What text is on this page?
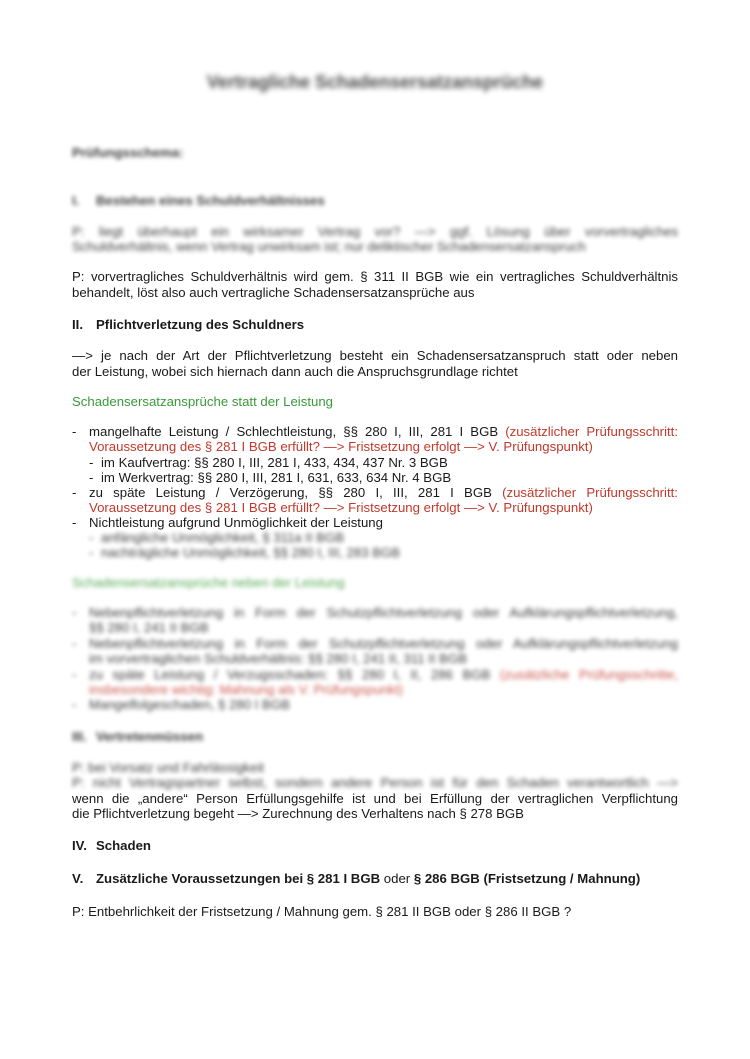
Vertragliche Schadensersatzansprüche
Prüfungsschema:
I. Bestehen eines Schuldverhältnisses
P: liegt überhaupt ein wirksamer Vertrag vor? —> ggf. Lösung über vorvertragliches
Schuldverhältnis, wenn Vertrag unwirksam ist; nur deliktischer Schadensersatzanspruch
P: vorvertragliches Schuldverhältnis wird gem. § 311 II BGB wie ein vertragliches Schuldverhältnis
behandelt, löst also auch vertragliche Schadensersatzansprüche aus
II. Pflichtverletzung des Schuldners
—> je nach der Art der Pflichtverletzung besteht ein Schadensersatzanspruch statt oder neben
der Leistung, wobei sich hiernach dann auch die Anspruchsgrundlage richtet
Schadensersatzansprüche statt der Leistung
- mangelhafte Leistung / Schlechtleistung, §§ 280 I, III, 281 I BGB (zusätzlicher Prüfungsschritt:
Voraussetzung des § 281 I BGB erfüllt? —> Fristsetzung erfolgt —> V. Prüfungspunkt)
- im Kaufvertrag: §§ 280 I, III, 281 I, 433, 434, 437 Nr. 3 BGB
- im Werkvertrag: §§ 280 I, III, 281 I, 631, 633, 634 Nr. 4 BGB
- zu späte Leistung / Verzögerung, §§ 280 I, III, 281 I BGB (zusätzlicher Prüfungsschritt:
Voraussetzung des § 281 I BGB erfüllt? —> Fristsetzung erfolgt —> V. Prüfungspunkt)
- Nichtleistung aufgrund Unmöglichkeit der Leistung
- anfängliche Unmöglichkeit, § 311a II BGB
- nachträgliche Unmöglichkeit, §§ 280 I, III, 283 BGB
Schadensersatzansprüche neben der Leistung
- Nebenpflichtverletzung in Form der Schutzpflichtverletzung oder Aufklärungspflichtverletzung,
§§ 280 I, 241 II BGB
- Nebenpflichtverletzung in Form der Schutzpflichtverletzung oder Aufklärungspflichtverletzung
im vorvertraglichen Schuldverhältnis: §§ 280 I, 241 II, 311 II BGB
- zu späte Leistung / Verzugsschaden: §§ 280 I, II, 286 BGB (zusätzliche Prüfungsschritte,
insbesondere wichtig: Mahnung als V. Prüfungspunkt)
- Mangelfolgeschaden, § 280 I BGB
III. Vertretenmüssen
P: bei Vorsatz und Fahrlässigkeit
P: nicht Vertragspartner selbst, sondern andere Person ist für den Schaden verantwortlich —>
wenn die „andere“ Person Erfüllungsgehilfe ist und bei Erfüllung der vertraglichen Verpflichtung
die Pflichtverletzung begeht —> Zurechnung des Verhaltens nach § 278 BGB
IV. Schaden
V. Zusätzliche Voraussetzungen bei § 281 I BGB oder § 286 BGB (Fristsetzung / Mahnung)
P: Entbehrlichkeit der Fristsetzung / Mahnung gem. § 281 II BGB oder § 286 II BGB ?
